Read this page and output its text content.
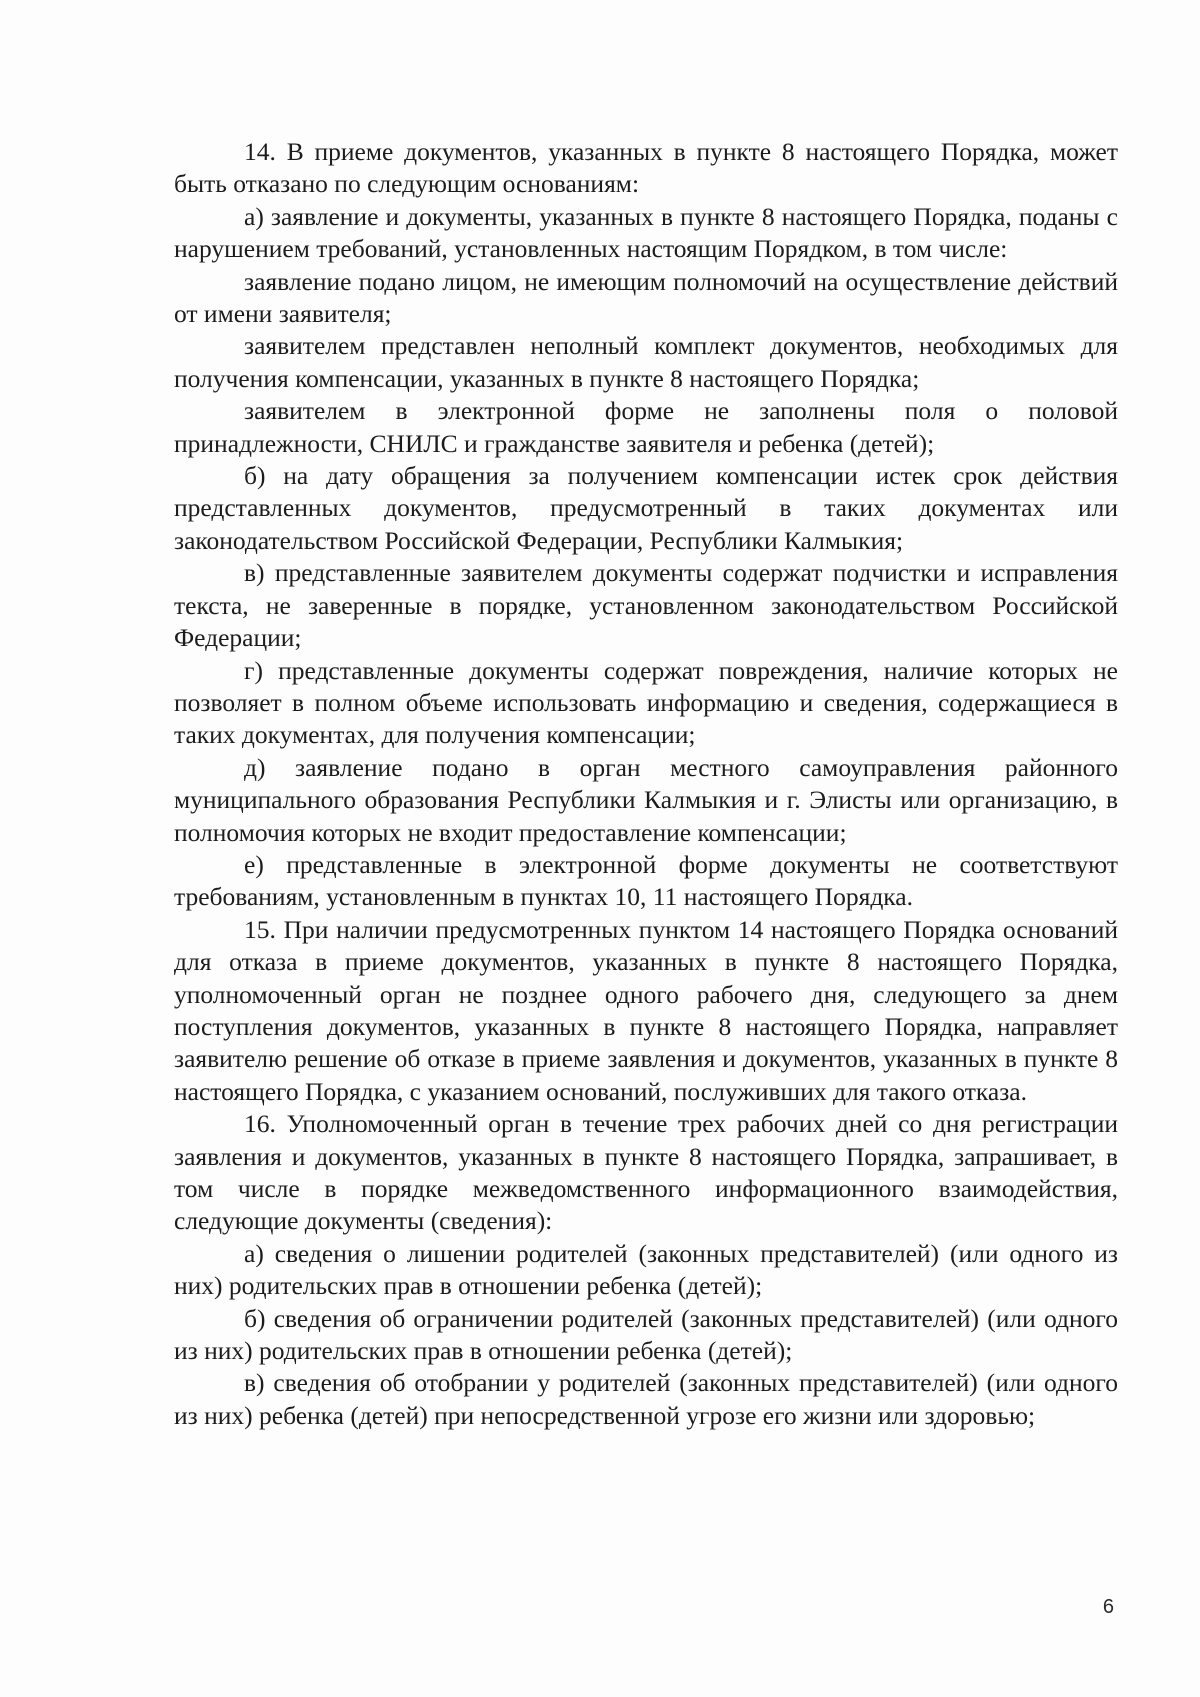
14. В приеме документов, указанных в пункте 8 настоящего Порядка, может быть отказано по следующим основаниям:

а) заявление и документы, указанных в пункте 8 настоящего Порядка, поданы с нарушением требований, установленных настоящим Порядком, в том числе:

заявление подано лицом, не имеющим полномочий на осуществление действий от имени заявителя;

заявителем представлен неполный комплект документов, необходимых для получения компенсации, указанных в пункте 8 настоящего Порядка;

заявителем в электронной форме не заполнены поля о половой принадлежности, СНИЛС и гражданстве заявителя и ребенка (детей);

б) на дату обращения за получением компенсации истек срок действия представленных документов, предусмотренный в таких документах или законодательством Российской Федерации, Республики Калмыкия;

в) представленные заявителем документы содержат подчистки и исправления текста, не заверенные в порядке, установленном законодательством Российской Федерации;

г) представленные документы содержат повреждения, наличие которых не позволяет в полном объеме использовать информацию и сведения, содержащиеся в таких документах, для получения компенсации;

д) заявление подано в орган местного самоуправления районного муниципального образования Республики Калмыкия и г. Элисты или организацию, в полномочия которых не входит предоставление компенсации;

е) представленные в электронной форме документы не соответствуют требованиям, установленным в пунктах 10, 11 настоящего Порядка.

15. При наличии предусмотренных пунктом 14 настоящего Порядка оснований для отказа в приеме документов, указанных в пункте 8 настоящего Порядка, уполномоченный орган не позднее одного рабочего дня, следующего за днем поступления документов, указанных в пункте 8 настоящего Порядка, направляет заявителю решение об отказе в приеме заявления и документов, указанных в пункте 8 настоящего Порядка, с указанием оснований, послуживших для такого отказа.

16. Уполномоченный орган в течение трех рабочих дней со дня регистрации заявления и документов, указанных в пункте 8 настоящего Порядка, запрашивает, в том числе в порядке межведомственного информационного взаимодействия, следующие документы (сведения):

а) сведения о лишении родителей (законных представителей) (или одного из них) родительских прав в отношении ребенка (детей);

б) сведения об ограничении родителей (законных представителей) (или одного из них) родительских прав в отношении ребенка (детей);

в) сведения об отобрании у родителей (законных представителей) (или одного из них) ребенка (детей) при непосредственной угрозе его жизни или здоровью;

6
